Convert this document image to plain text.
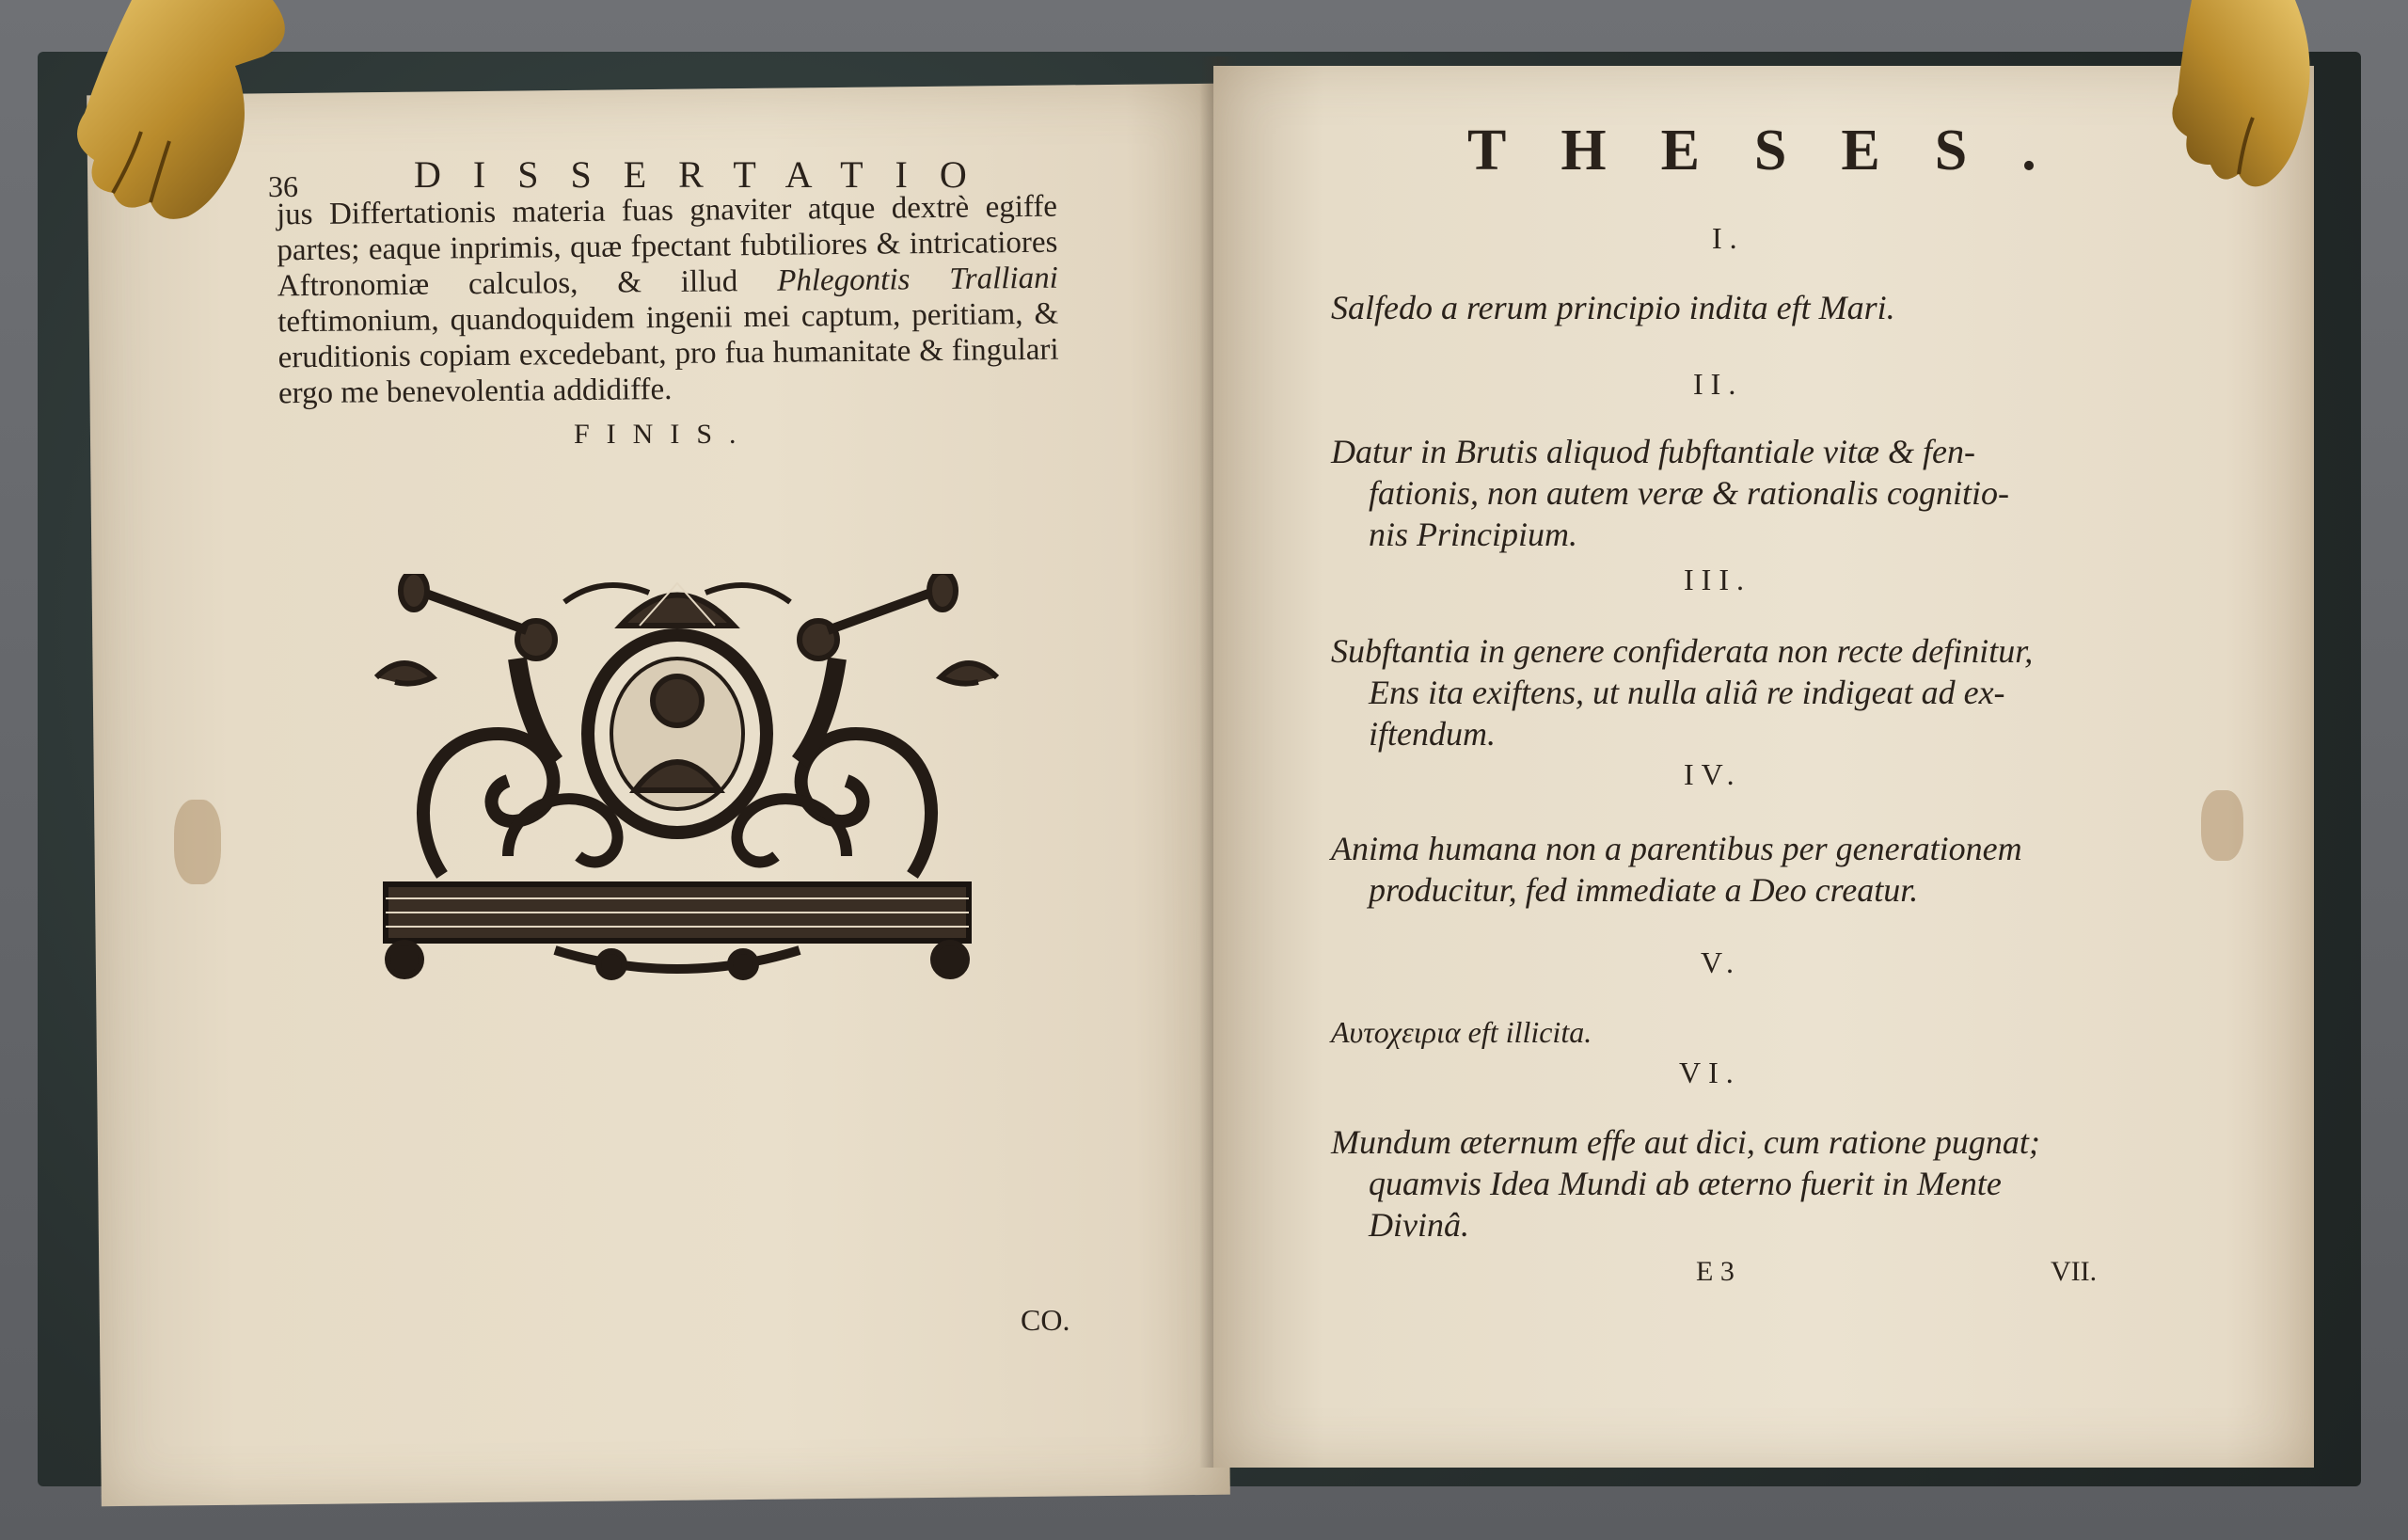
36	DISSERTATIO
jus Differtationis materia fuas gnaviter atque dextrè egiffe partes; eaque inprimis, quæ fpectant fubtiliores & intricatiores Aftronomiæ calculos, & illud Phlegontis Tralliani teftimonium, quandoquidem ingenii mei captum, peritiam, & eruditionis copiam excedebant, pro fua humanitate & fingulari ergo me benevolentia addidiffe.
FINIS.
CO.
THESES.
I.
Salfedo a rerum principio indita eft Mari.
II.
Datur in Brutis aliquod fubftantiale vitæ & fen-
fationis, non autem veræ & rationalis cognitio-
nis Principium.
III.
Subftantia in genere confiderata non recte definitur,
Ens ita exiftens, ut nulla aliâ re indigeat ad ex-
iftendum.
IV.
Anima humana non a parentibus per generationem
producitur, fed immediate a Deo creatur.
V.
Αυτοχειρια eft illicita.
VI.
Mundum æternum effe aut dici, cum ratione pugnat;
quamvis Idea Mundi ab æterno fuerit in Mente
Divinâ.
E 3	VII.
